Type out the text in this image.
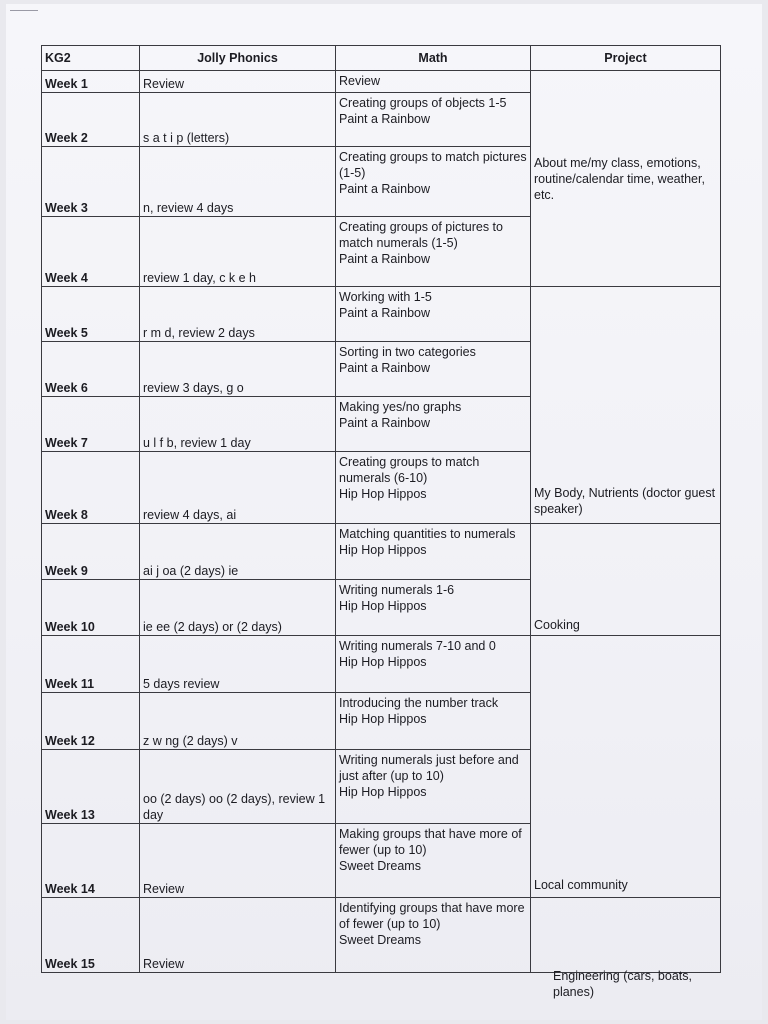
KG2	Jolly Phonics	Math	Project
Week 1	Review	Review	About me/my class, emotions, routine/calendar time, weather, etc.
Week 2	s a t i p (letters)	Creating groups of objects 1-5
Paint a Rainbow	

Week 3	n, review 4 days	Creating groups to match pictures (1-5)
Paint a Rainbow	

Week 4	review 1 day, c k e h	Creating groups of pictures to match numerals (1-5)
Paint a Rainbow	

Week 5	r m d, review 2 days	Working with 1-5
Paint a Rainbow	My Body, Nutrients (doctor guest speaker)
Week 6	review 3 days, g o	Sorting in two categories
Paint a Rainbow	

Week 7	u l f b, review 1 day	Making yes/no graphs
Paint a Rainbow	

Week 8	review 4 days, ai	Creating groups to match numerals (6-10)
Hip Hop Hippos	

Week 9	ai j oa (2 days) ie	Matching quantities to numerals
Hip Hop Hippos	Cooking
Week 10	ie ee (2 days) or (2 days)	Writing numerals 1-6
Hip Hop Hippos	

Week 11	5 days review	Writing numerals 7-10 and 0
Hip Hop Hippos	Local community
Week 12	z w ng (2 days) v	Introducing the number track
Hip Hop Hippos	

Week 13	oo (2 days) oo (2 days), review 1 day	Writing numerals just before and just after (up to 10)
Hip Hop Hippos	

Week 14	Review	Making groups that have more of fewer (up to 10)
Sweet Dreams	

Week 15	Review	Identifying groups that have more of fewer (up to 10)
Sweet Dreams	

Engineering (cars, boats, planes)
